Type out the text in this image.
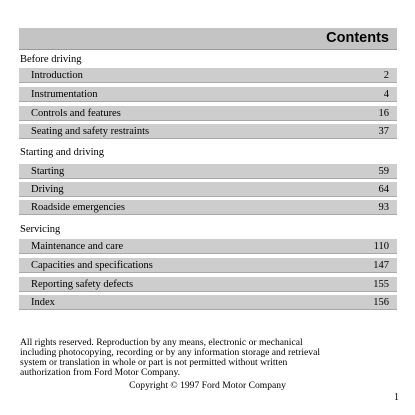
Contents
Before driving
Introduction	2
Instrumentation	4
Controls and features	16
Seating and safety restraints	37
Starting and driving
Starting	59
Driving	64
Roadside emergencies	93
Servicing
Maintenance and care	110
Capacities and specifications	147
Reporting safety defects	155
Index	156

All rights reserved. Reproduction by any means, electronic or mechanical

including photocopying, recording or by any information storage and retrieval

system or translation in whole or part is not permitted without written

authorization from Ford Motor Company.

Copyright © 1997 Ford Motor Company
1
